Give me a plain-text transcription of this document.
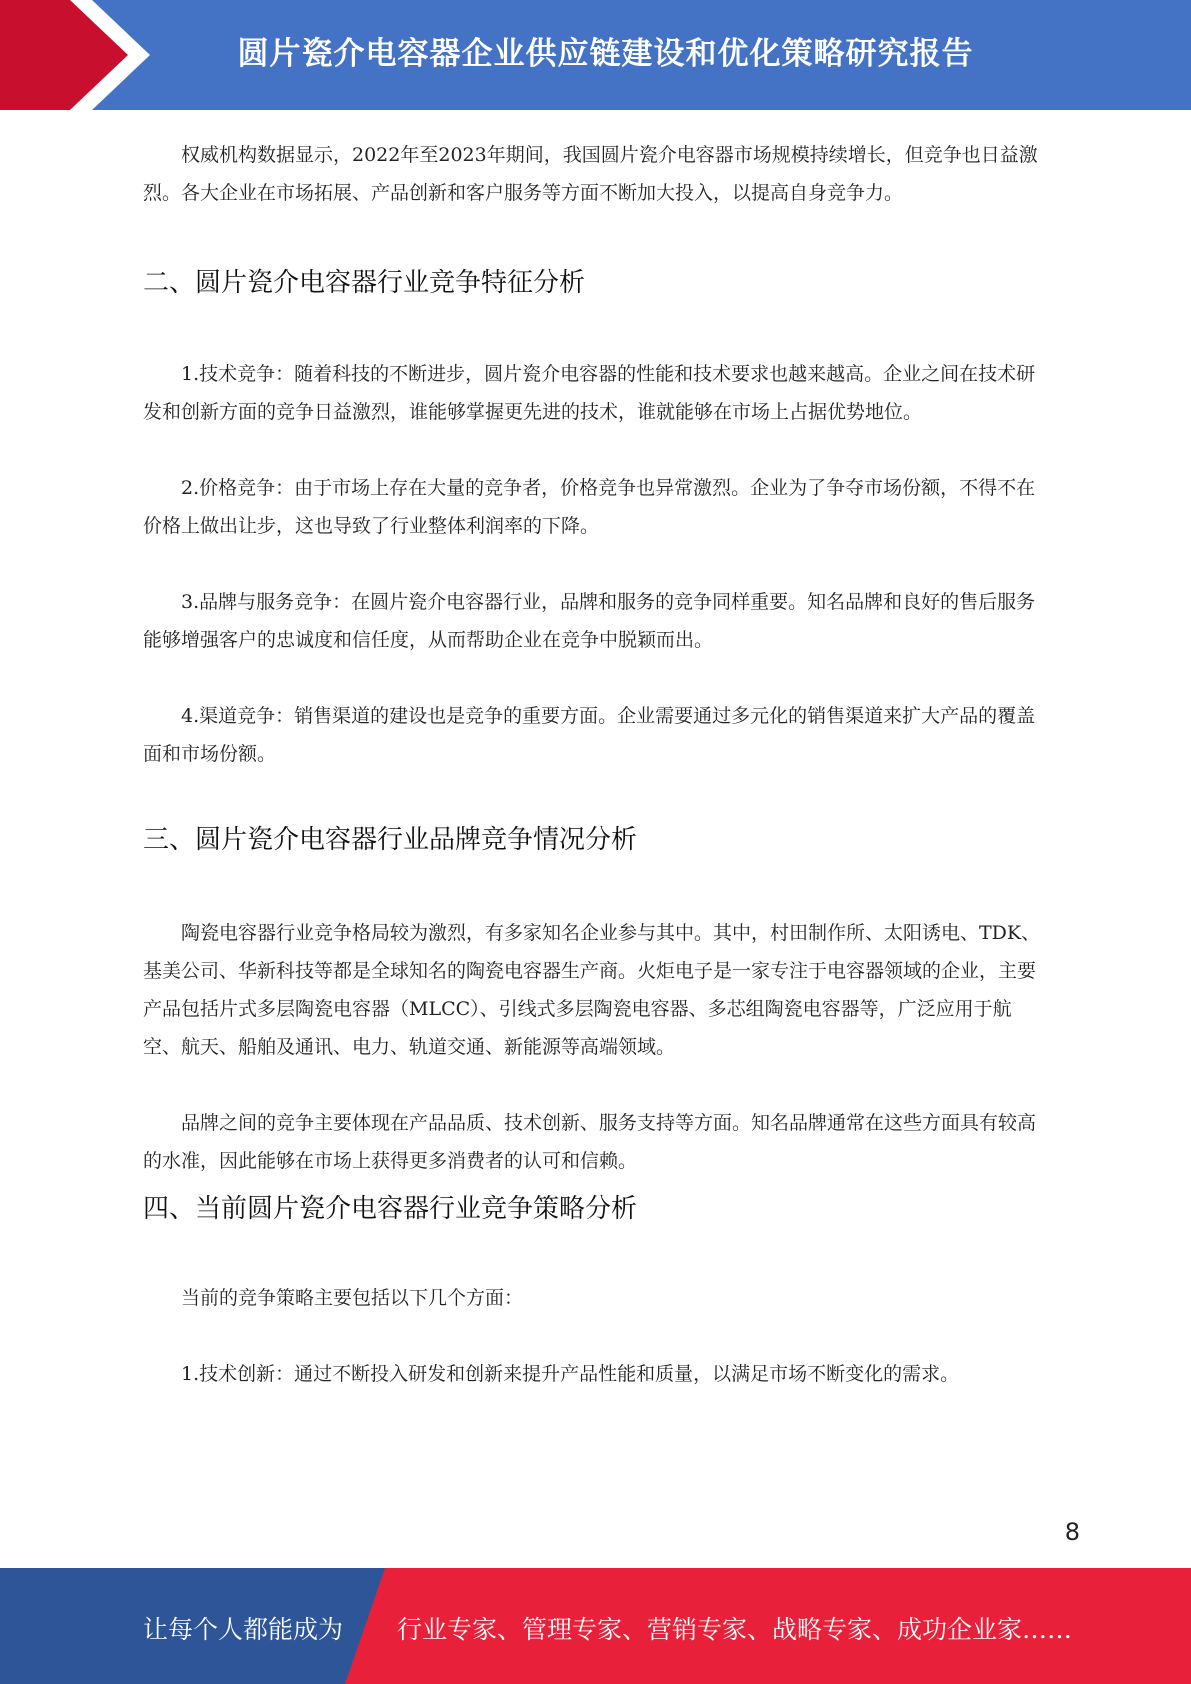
圆片瓷介电容器企业供应链建设和优化策略研究报告

权威机构数据显示，2022年至2023年期间，我国圆片瓷介电容器市场规模持续增长，但竞争也日益激烈。各大企业在市场拓展、产品创新和客户服务等方面不断加大投入，以提高自身竞争力。

二、圆片瓷介电容器行业竞争特征分析

1.技术竞争：随着科技的不断进步，圆片瓷介电容器的性能和技术要求也越来越高。企业之间在技术研发和创新方面的竞争日益激烈，谁能够掌握更先进的技术，谁就能够在市场上占据优势地位。

2.价格竞争：由于市场上存在大量的竞争者，价格竞争也异常激烈。企业为了争夺市场份额，不得不在价格上做出让步，这也导致了行业整体利润率的下降。

3.品牌与服务竞争：在圆片瓷介电容器行业，品牌和服务的竞争同样重要。知名品牌和良好的售后服务能够增强客户的忠诚度和信任度，从而帮助企业在竞争中脱颖而出。

4.渠道竞争：销售渠道的建设也是竞争的重要方面。企业需要通过多元化的销售渠道来扩大产品的覆盖面和市场份额。

三、圆片瓷介电容器行业品牌竞争情况分析

陶瓷电容器行业竞争格局较为激烈，有多家知名企业参与其中。其中，村田制作所、太阳诱电、TDK、基美公司、华新科技等都是全球知名的陶瓷电容器生产商。火炬电子是一家专注于电容器领域的企业，主要产品包括片式多层陶瓷电容器（MLCC）、引线式多层陶瓷电容器、多芯组陶瓷电容器等，广泛应用于航空、航天、船舶及通讯、电力、轨道交通、新能源等高端领域。

品牌之间的竞争主要体现在产品品质、技术创新、服务支持等方面。知名品牌通常在这些方面具有较高的水准，因此能够在市场上获得更多消费者的认可和信赖。

四、当前圆片瓷介电容器行业竞争策略分析

当前的竞争策略主要包括以下几个方面：

1.技术创新：通过不断投入研发和创新来提升产品性能和质量，以满足市场不断变化的需求。

8
让每个人都能成为 行业专家、管理专家、营销专家、战略专家、成功企业家……
